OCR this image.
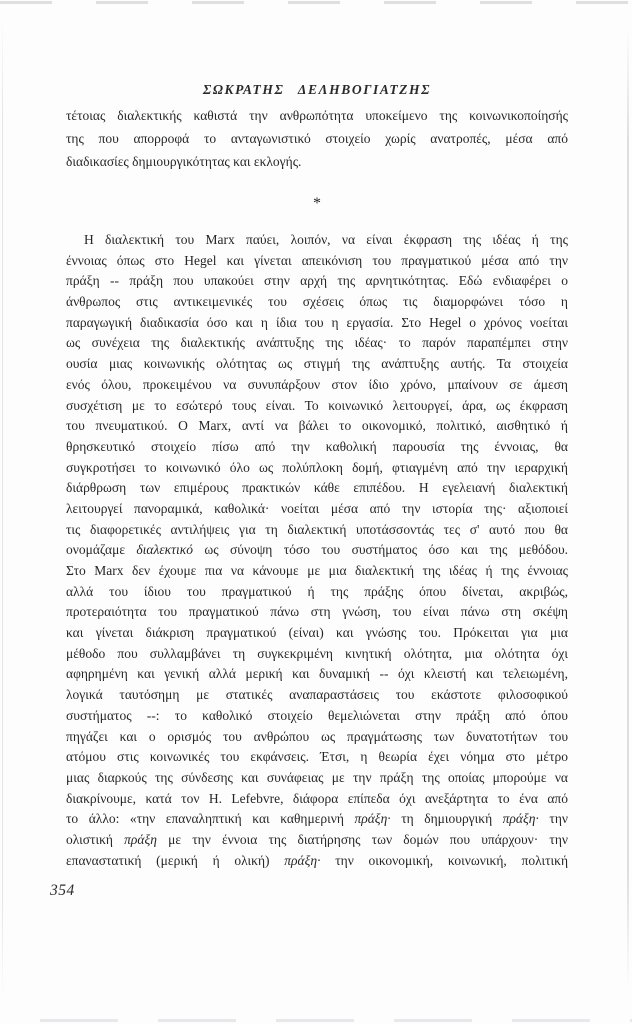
ΣΩΚΡΑΤΗΣ ΔΕΛΗΒΟΓΙΑΤΖΗΣ
τέτοιας διαλεκτικής καθιστά την ανθρωπότητα υποκείμενο της κοινωνικοποίησής
της που απορροφά το ανταγωνιστικό στοιχείο χωρίς ανατροπές, μέσα από
διαδικασίες δημιουργικότητας και εκλογής.
*
Η διαλεκτική του Marx παύει, λοιπόν, να είναι έκφραση της ιδέας ή της
έννοιας όπως στο Hegel και γίνεται απεικόνιση του πραγματικού μέσα από την
πράξη -- πράξη που υπακούει στην αρχή της αρνητικότητας. Εδώ ενδιαφέρει ο
άνθρωπος στις αντικειμενικές του σχέσεις όπως τις διαμορφώνει τόσο η
παραγωγική διαδικασία όσο και η ίδια του η εργασία. Στο Hegel ο χρόνος νοείται
ως συνέχεια της διαλεκτικής ανάπτυξης της ιδέας· το παρόν παραπέμπει στην
ουσία μιας κοινωνικής ολότητας ως στιγμή της ανάπτυξης αυτής. Τα στοιχεία
ενός όλου, προκειμένου να συνυπάρξουν στον ίδιο χρόνο, μπαίνουν σε άμεση
συσχέτιση με το εσώτερό τους είναι. Το κοινωνικό λειτουργεί, άρα, ως έκφραση
του πνευματικού. Ο Marx, αντί να βάλει το οικονομικό, πολιτικό, αισθητικό ή
θρησκευτικό στοιχείο πίσω από την καθολική παρουσία της έννοιας, θα
συγκροτήσει το κοινωνικό όλο ως πολύπλοκη δομή, φτιαγμένη από την ιεραρχική
διάρθρωση των επιμέρους πρακτικών κάθε επιπέδου. Η εγελειανή διαλεκτική
λειτουργεί πανοραμικά, καθολικά· νοείται μέσα από την ιστορία της· αξιοποιεί
τις διαφορετικές αντιλήψεις για τη διαλεκτική υποτάσσοντάς τες σ' αυτό που θα
ονομάζαμε διαλεκτικό ως σύνοψη τόσο του συστήματος όσο και της μεθόδου.
Στο Marx δεν έχουμε πια να κάνουμε με μια διαλεκτική της ιδέας ή της έννοιας
αλλά του ίδιου του πραγματικού ή της πράξης όπου δίνεται, ακριβώς,
προτεραιότητα του πραγματικού πάνω στη γνώση, του είναι πάνω στη σκέψη
και γίνεται διάκριση πραγματικού (είναι) και γνώσης του. Πρόκειται για μια
μέθοδο που συλλαμβάνει τη συγκεκριμένη κινητική ολότητα, μια ολότητα όχι
αφηρημένη και γενική αλλά μερική και δυναμική -- όχι κλειστή και τελειωμένη,
λογικά ταυτόσημη με στατικές αναπαραστάσεις του εκάστοτε φιλοσοφικού
συστήματος --: το καθολικό στοιχείο θεμελιώνεται στην πράξη από όπου
πηγάζει και ο ορισμός του ανθρώπου ως πραγμάτωσης των δυνατοτήτων του
ατόμου στις κοινωνικές του εκφάνσεις. Έτσι, η θεωρία έχει νόημα στο μέτρο
μιας διαρκούς της σύνδεσης και συνάφειας με την πράξη της οποίας μπορούμε να
διακρίνουμε, κατά τον H. Lefebvre, διάφορα επίπεδα όχι ανεξάρτητα το ένα από
το άλλο: «την επαναληπτική και καθημερινή πράξη· τη δημιουργική πράξη· την
ολιστική πράξη με την έννοια της διατήρησης των δομών που υπάρχουν· την
επαναστατική (μερική ή ολική) πράξη· την οικονομική, κοινωνική, πολιτική
354
